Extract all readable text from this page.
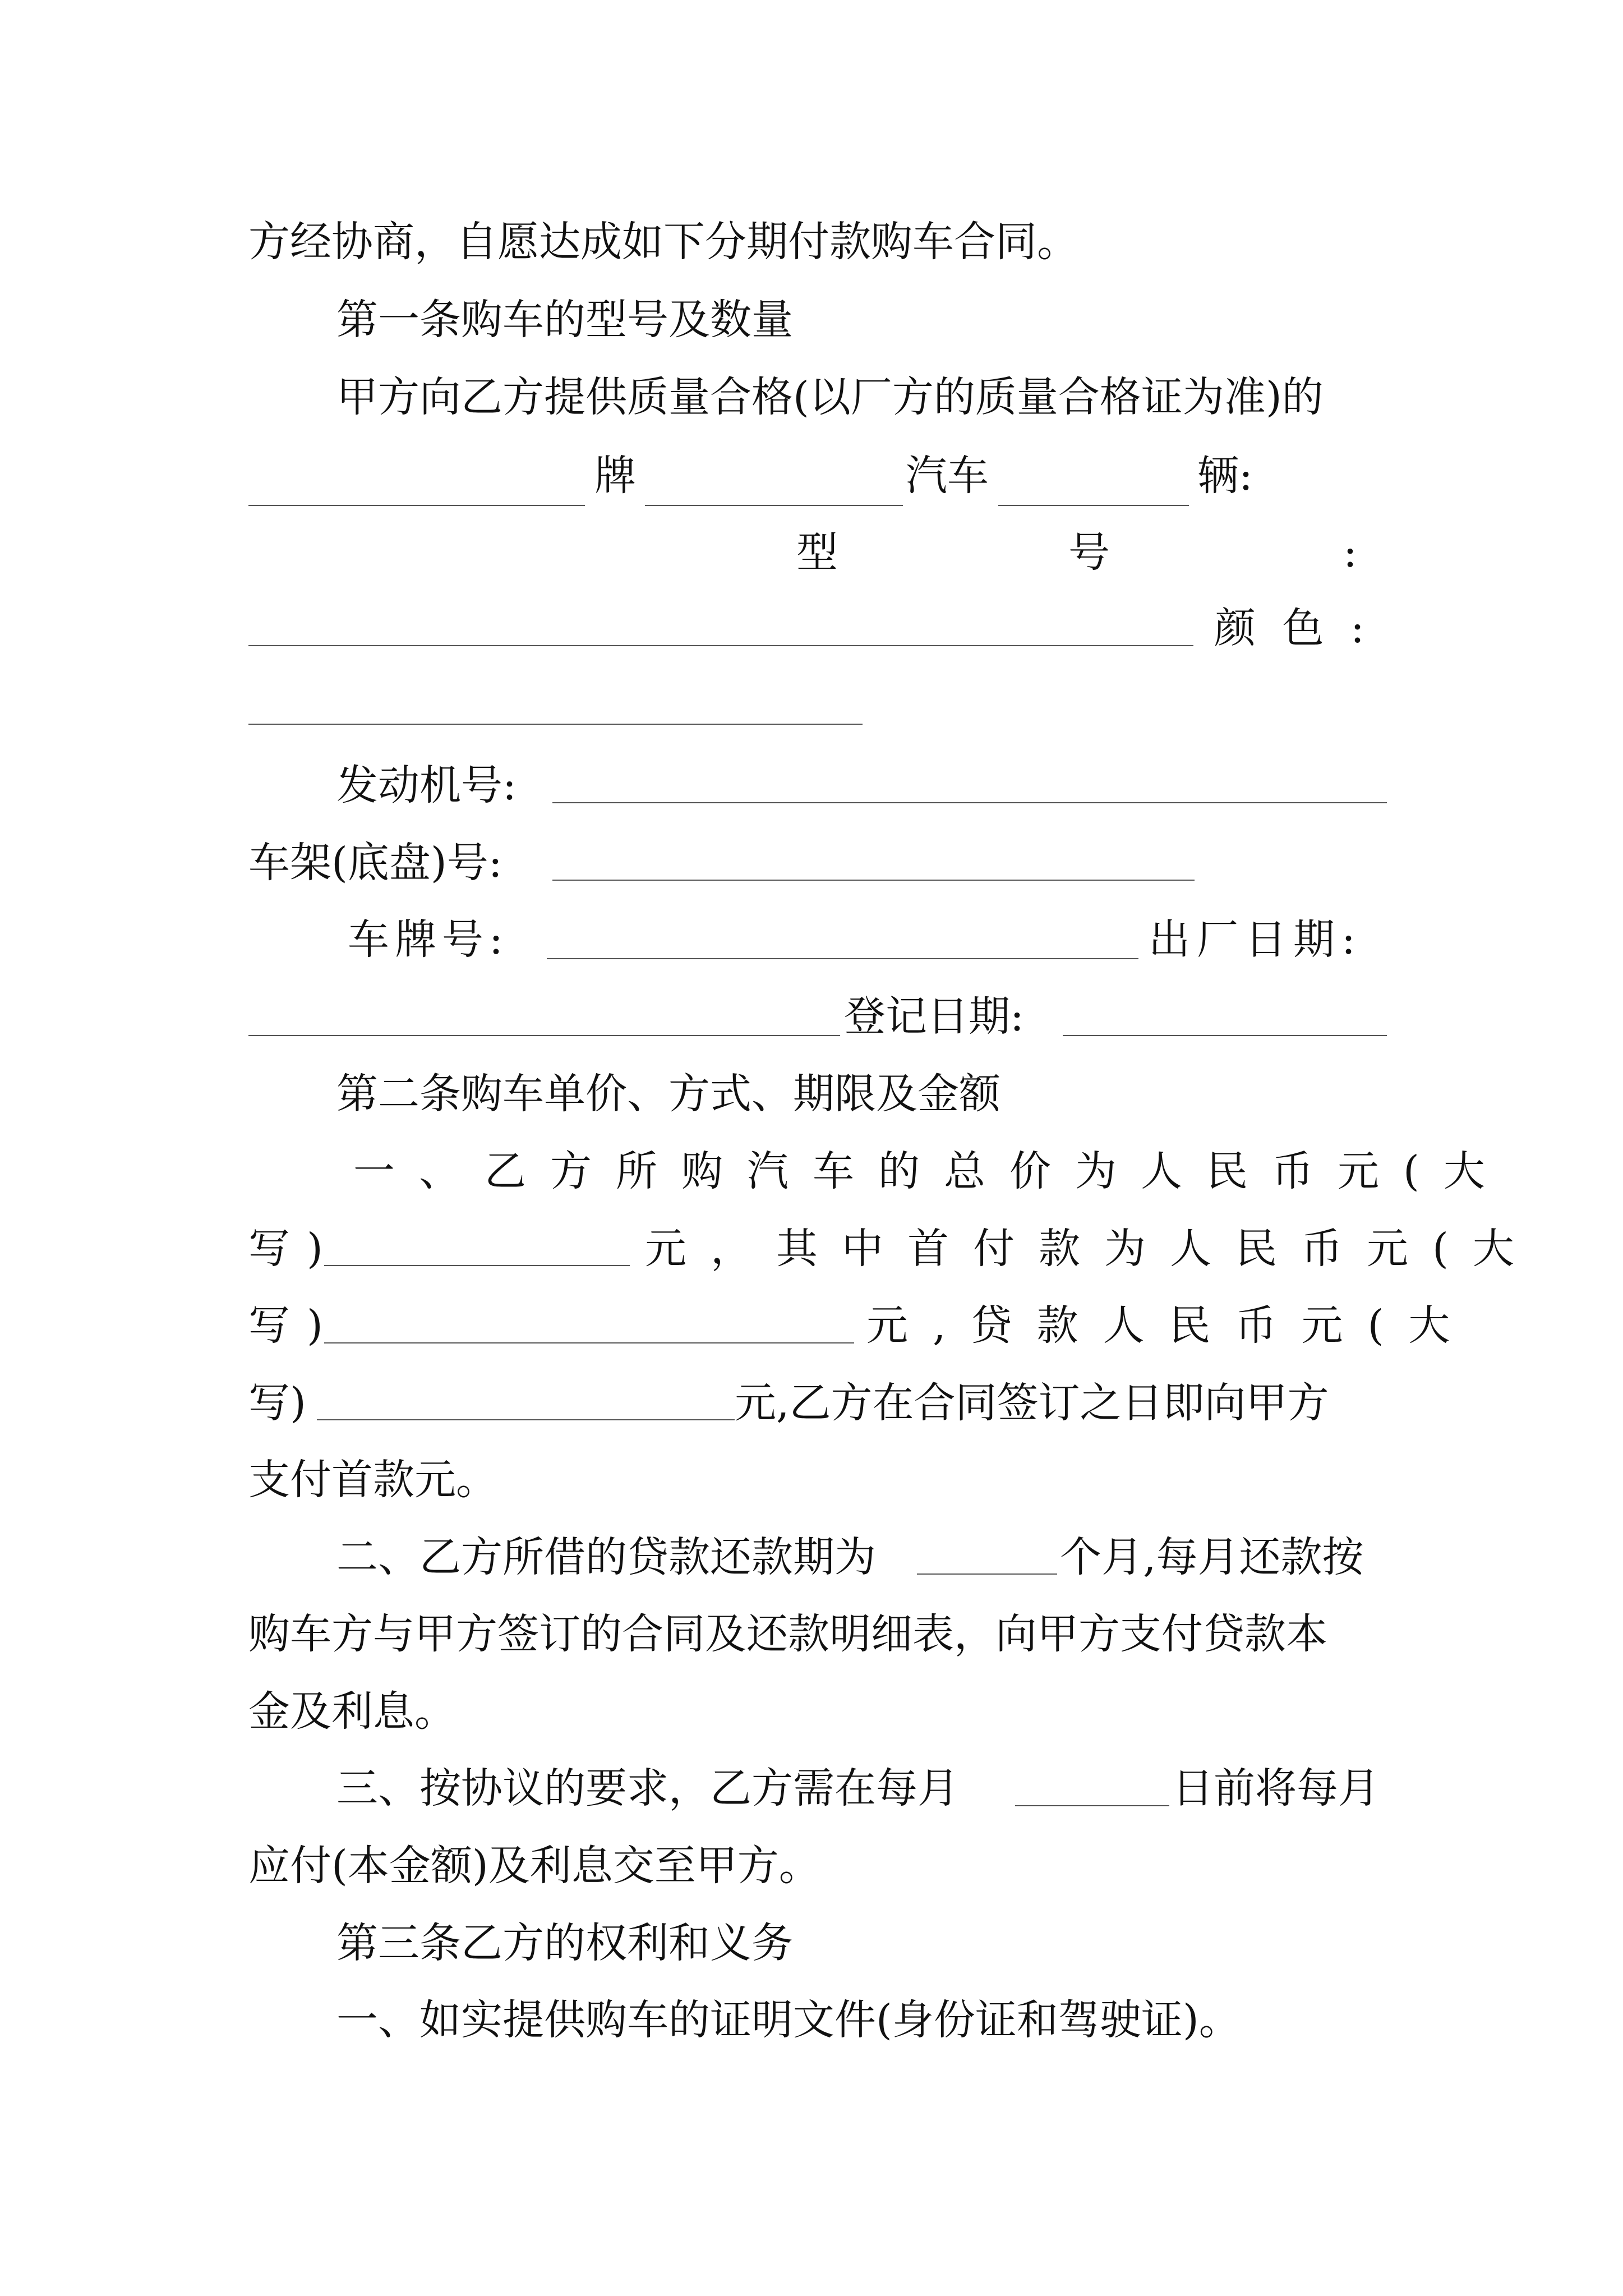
方经协商，自愿达成如下分期付款购车合同。
第一条购车的型号及数量
甲方向乙方提供质量合格(以厂方的质量合格证为准)的
牌	汽车	辆:
型	号	:
颜 色 :
发动机号:
车架(底盘)号:
车牌号:	出厂日期:
登记日期:
第二条购车单价、方式、期限及金额
一、乙方所购汽车的总价为人民币元(大
写)	元，其中首付款为人民币元(大
写)	元,贷款人民币元(大
写)	元,乙方在合同签订之日即向甲方
支付首款元。
二、乙方所借的贷款还款期为	个月,每月还款按
购车方与甲方签订的合同及还款明细表，向甲方支付贷款本
金及利息。
三、按协议的要求，乙方需在每月	日前将每月
应付(本金额)及利息交至甲方。
第三条乙方的权利和义务
一、如实提供购车的证明文件(身份证和驾驶证)。
